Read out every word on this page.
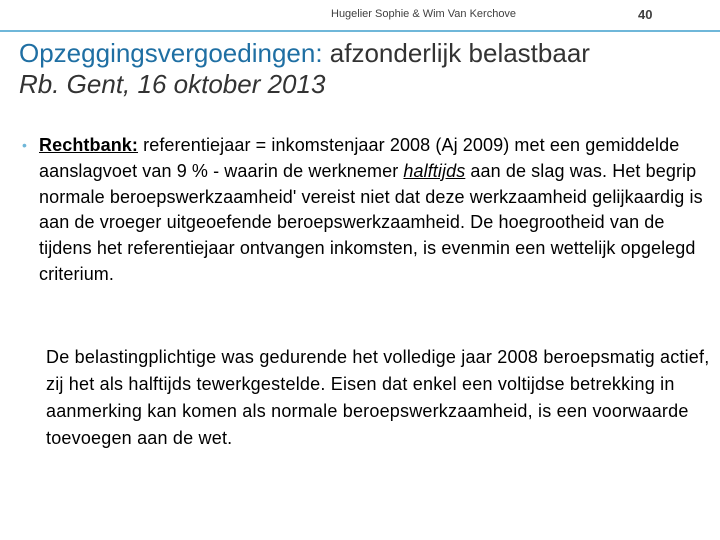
Hugelier Sophie & Wim Van Kerchove	40
Opzeggingsvergoedingen: afzonderlijk belastbaar
Rb. Gent, 16 oktober 2013
• Rechtbank: referentiejaar = inkomstenjaar 2008 (Aj 2009) met een gemiddelde aanslagvoet van 9 % - waarin de werknemer halftijds aan de slag was. Het begrip normale beroepswerkzaamheid' vereist niet dat deze werkzaamheid gelijkaardig is aan de vroeger uitgeoefende beroepswerkzaamheid. De hoegrootheid van de tijdens het referentiejaar ontvangen inkomsten, is evenmin een wettelijk opgelegd criterium.
De belastingplichtige was gedurende het volledige jaar 2008 beroepsmatig actief, zij het als halftijds tewerkgestelde. Eisen dat enkel een voltijdse betrekking in aanmerking kan komen als normale beroepswerkzaamheid, is een voorwaarde toevoegen aan de wet.
